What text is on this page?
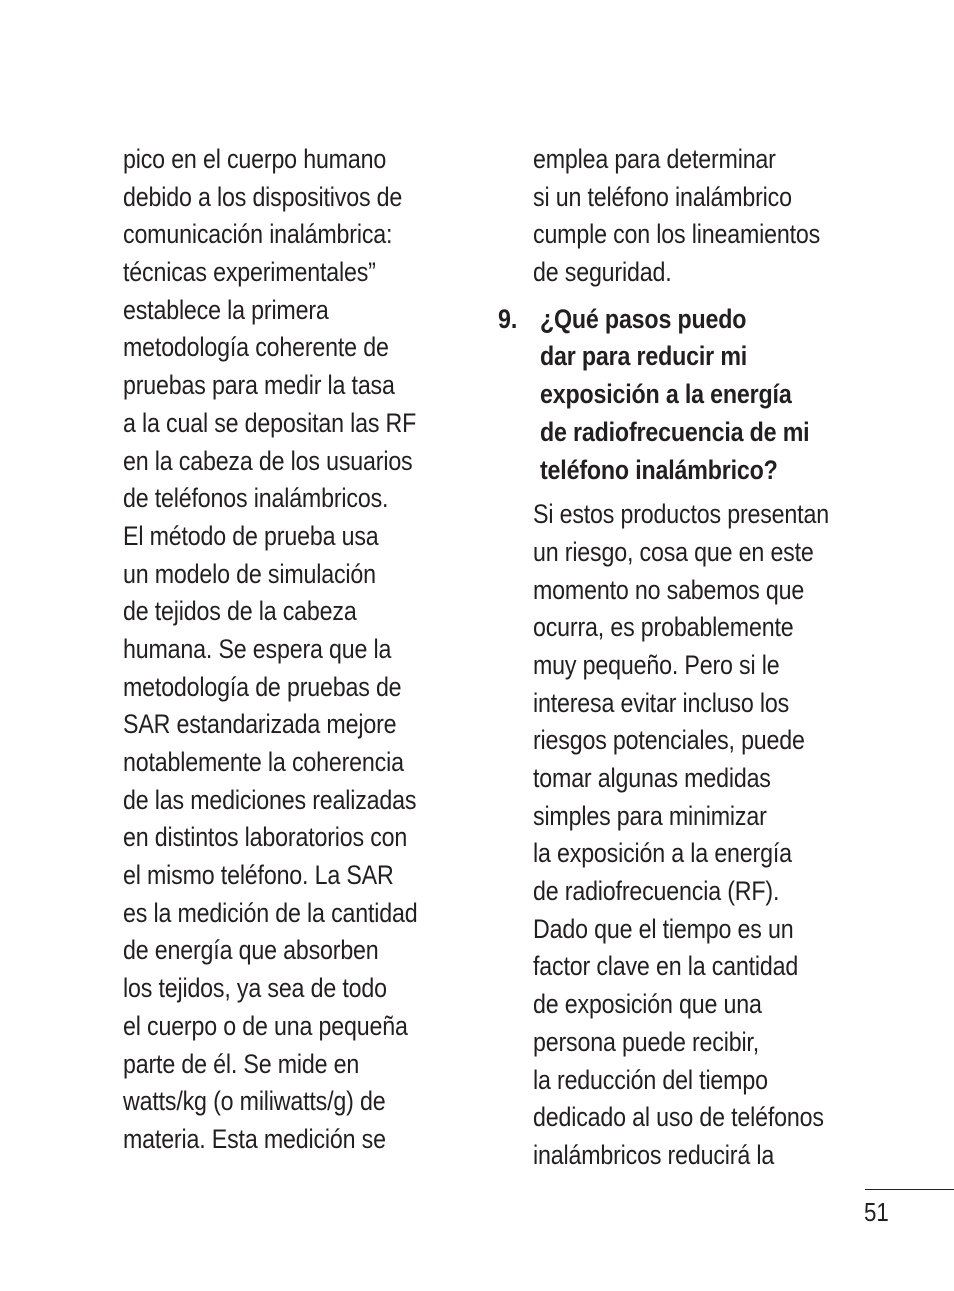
pico en el cuerpo humano
debido a los dispositivos de
comunicación inalámbrica:
técnicas experimentales”
establece la primera
metodología coherente de
pruebas para medir la tasa
a la cual se depositan las RF
en la cabeza de los usuarios
de teléfonos inalámbricos.
El método de prueba usa
un modelo de simulación
de tejidos de la cabeza
humana. Se espera que la
metodología de pruebas de
SAR estandarizada mejore
notablemente la coherencia
de las mediciones realizadas
en distintos laboratorios con
el mismo teléfono. La SAR
es la medición de la cantidad
de energía que absorben
los tejidos, ya sea de todo
el cuerpo o de una pequeña
parte de él. Se mide en
watts/kg (o miliwatts/g) de
materia. Esta medición se
emplea para determinar
si un teléfono inalámbrico
cumple con los lineamientos
de seguridad.
9. ¿Qué pasos puedo
dar para reducir mi
exposición a la energía
de radiofrecuencia de mi
teléfono inalámbrico?
Si estos productos presentan
un riesgo, cosa que en este
momento no sabemos que
ocurra, es probablemente
muy pequeño. Pero si le
interesa evitar incluso los
riesgos potenciales, puede
tomar algunas medidas
simples para minimizar
la exposición a la energía
de radiofrecuencia (RF).
Dado que el tiempo es un
factor clave en la cantidad
de exposición que una
persona puede recibir,
la reducción del tiempo
dedicado al uso de teléfonos
inalámbricos reducirá la
51
